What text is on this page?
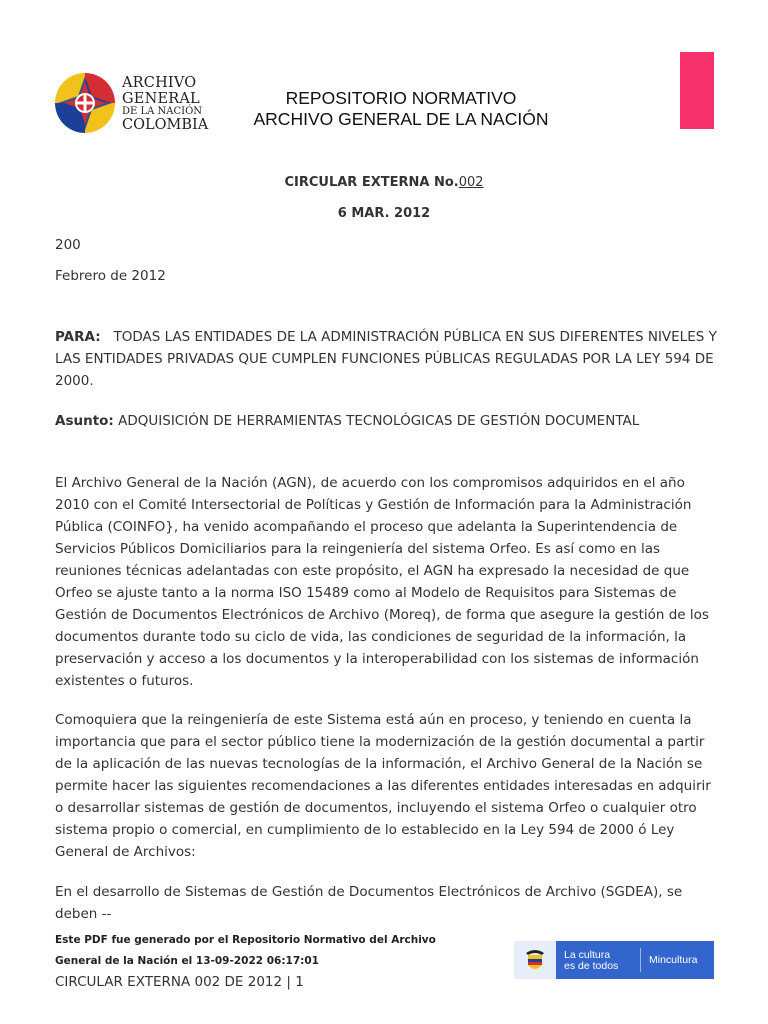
ARCHIVO
GENERAL
DE LA NACIÓN
COLOMBIA
REPOSITORIO NORMATIVO
ARCHIVO GENERAL DE LA NACIÓN
CIRCULAR EXTERNA No.002
6 MAR. 2012
200
Febrero de 2012
PARA: TODAS LAS ENTIDADES DE LA ADMINISTRACIÓN PÚBLICA EN SUS DIFERENTES NIVELES Y LAS ENTIDADES PRIVADAS QUE CUMPLEN FUNCIONES PÚBLICAS REGULADAS POR LA LEY 594 DE 2000.
Asunto: ADQUISICIÓN DE HERRAMIENTAS TECNOLÓGICAS DE GESTIÓN DOCUMENTAL
El Archivo General de la Nación (AGN), de acuerdo con los compromisos adquiridos en el año 2010 con el Comité Intersectorial de Políticas y Gestión de Información para la Administración Pública (COINFO}, ha venido acompañando el proceso que adelanta la Superintendencia de Servicios Públicos Domiciliarios para la reingeniería del sistema Orfeo. Es así como en las reuniones técnicas adelantadas con este propósito, el AGN ha expresado la necesidad de que Orfeo se ajuste tanto a la norma ISO 15489 como al Modelo de Requisitos para Sistemas de Gestión de Documentos Electrónicos de Archivo (Moreq), de forma que asegure la gestión de los documentos durante todo su ciclo de vida, las condiciones de seguridad de la información, la preservación y acceso a los documentos y la interoperabilidad con los sistemas de información existentes o futuros.
Comoquiera que la reingeniería de este Sistema está aún en proceso, y teniendo en cuenta la importancia que para el sector público tiene la modernización de la gestión documental a partir de la aplicación de las nuevas tecnologías de la información, el Archivo General de la Nación se permite hacer las siguientes recomendaciones a las diferentes entidades interesadas en adquirir o desarrollar sistemas de gestión de documentos, incluyendo el sistema Orfeo o cualquier otro sistema propio o comercial, en cumplimiento de lo establecido en la Ley 594 de 2000 ó Ley General de Archivos:
En el desarrollo de Sistemas de Gestión de Documentos Electrónicos de Archivo (SGDEA), se deben --
Este PDF fue generado por el Repositorio Normativo del Archivo
General de la Nación el 13-09-2022 06:17:01
CIRCULAR EXTERNA 002 DE 2012 | 1
La cultura
es de todos	Mincultura
